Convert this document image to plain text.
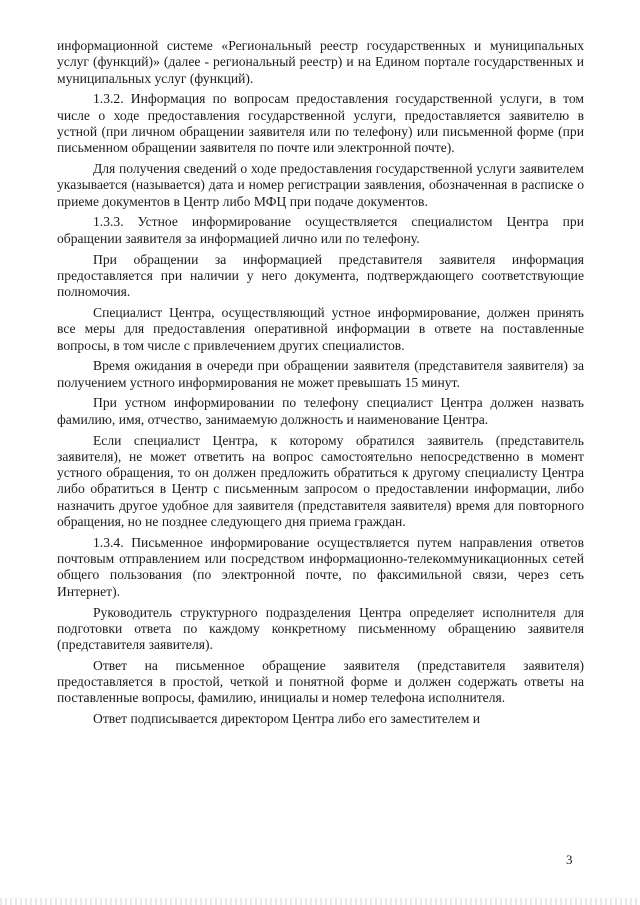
информационной системе «Региональный реестр государственных и муниципальных услуг (функций)» (далее - региональный реестр) и на Едином портале государственных и муниципальных услуг (функций).

1.3.2. Информация по вопросам предоставления государственной услуги, в том числе о ходе предоставления государственной услуги, предоставляется заявителю в устной (при личном обращении заявителя или по телефону) или письменной форме (при письменном обращении заявителя по почте или электронной почте).

Для получения сведений о ходе предоставления государственной услуги заявителем указывается (называется) дата и номер регистрации заявления, обозначенная в расписке о приеме документов в Центр либо МФЦ при подаче документов.

1.3.3. Устное информирование осуществляется специалистом Центра при обращении заявителя за информацией лично или по телефону.

При обращении за информацией представителя заявителя информация предоставляется при наличии у него документа, подтверждающего соответствующие полномочия.

Специалист Центра, осуществляющий устное информирование, должен принять все меры для предоставления оперативной информации в ответе на поставленные вопросы, в том числе с привлечением других специалистов.

Время ожидания в очереди при обращении заявителя (представителя заявителя) за получением устного информирования не может превышать 15 минут.

При устном информировании по телефону специалист Центра должен назвать фамилию, имя, отчество, занимаемую должность и наименование Центра.

Если специалист Центра, к которому обратился заявитель (представитель заявителя), не может ответить на вопрос самостоятельно непосредственно в момент устного обращения, то он должен предложить обратиться к другому специалисту Центра либо обратиться в Центр с письменным запросом о предоставлении информации, либо назначить другое удобное для заявителя (представителя заявителя) время для повторного обращения, но не позднее следующего дня приема граждан.

1.3.4. Письменное информирование осуществляется путем направления ответов почтовым отправлением или посредством информационно-телекоммуникационных сетей общего пользования (по электронной почте, по факсимильной связи, через сеть Интернет).

Руководитель структурного подразделения Центра определяет исполнителя для подготовки ответа по каждому конкретному письменному обращению заявителя (представителя заявителя).

Ответ на письменное обращение заявителя (представителя заявителя) предоставляется в простой, четкой и понятной форме и должен содержать ответы на поставленные вопросы, фамилию, инициалы и номер телефона исполнителя.

Ответ подписывается директором Центра либо его заместителем и

3
